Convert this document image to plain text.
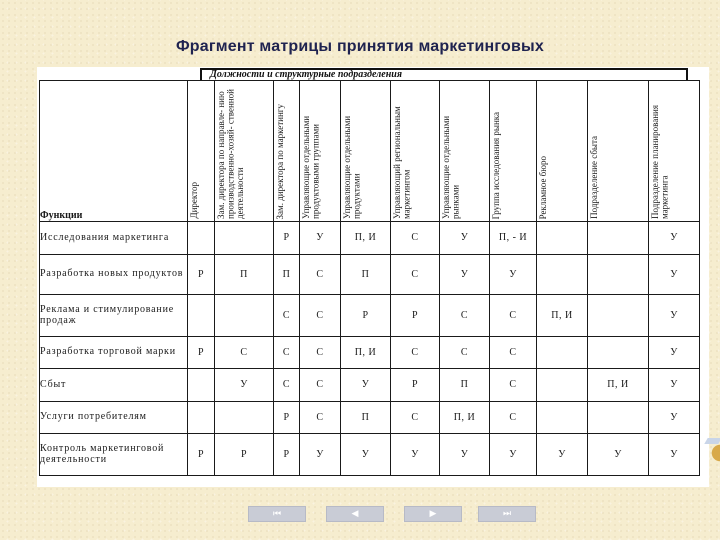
Фрагмент матрицы принятия маркетинговых
Должности и структурные подразделения
Функции	Директор	Зам. директора по направле- нию производственно-хозяй- ственной деятельности	Зам. директора по маркетингу	Управляющие отдельными продуктовыми группами	Управляющие отдельными продуктами	Управляющий региональным маркетингом	Управляющие отдельными рынками	Группа исследования рынка	Рекламное бюро	Подразделение сбыта	Подразделение планирования маркетинга

Исследования маркетинга			Р	У	П, И	С	У	П, - И			У
Разработка новых продуктов	Р	П	П	С	П	С	У	У			У
Реклама и стимулирование продаж			С	С	Р	Р	С	С	П, И		У
Разработка торговой марки	Р	С	С	С	П, И	С	С	С			У
Сбыт		У	С	С	У	Р	П	С		П, И	У
Услуги потребителям			Р	С	П	С	П, И	С			У
Контроль маркетинговой деятельности	Р	Р	Р	У	У	У	У	У	У	У	У
⏮	◀	▶	⏭
